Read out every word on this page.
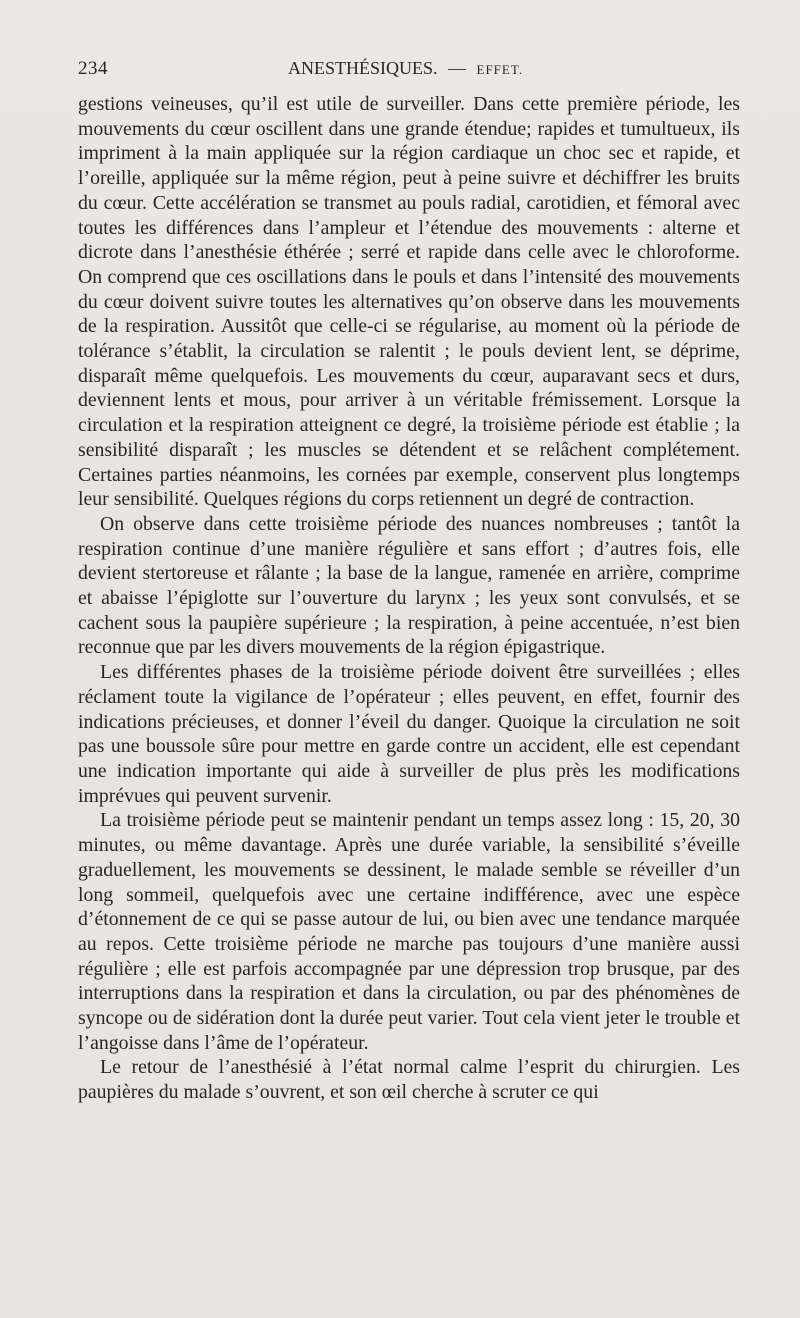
234	ANESTHÉSIQUES. — EFFET.

gestions veineuses, qu’il est utile de surveiller. Dans cette première période, les mouvements du cœur oscillent dans une grande étendue; rapides et tumultueux, ils impriment à la main appliquée sur la région cardiaque un choc sec et rapide, et l’oreille, appliquée sur la même région, peut à peine suivre et déchiffrer les bruits du cœur. Cette accélération se transmet au pouls radial, carotidien, et fémoral avec toutes les différences dans l’ampleur et l’étendue des mouvements : alterne et dicrote dans l’anesthésie éthérée ; serré et rapide dans celle avec le chloroforme. On comprend que ces oscillations dans le pouls et dans l’intensité des mouvements du cœur doivent suivre toutes les alternatives qu’on observe dans les mouvements de la respiration. Aussitôt que celle-ci se régularise, au moment où la période de tolérance s’établit, la circulation se ralentit ; le pouls devient lent, se déprime, disparaît même quelquefois. Les mouvements du cœur, auparavant secs et durs, deviennent lents et mous, pour arriver à un véritable frémissement. Lorsque la circulation et la respiration atteignent ce degré, la troisième période est établie ; la sensibilité disparaît ; les muscles se détendent et se relâchent complétement. Certaines parties néanmoins, les cornées par exemple, conservent plus longtemps leur sensibilité. Quelques régions du corps retiennent un degré de contraction.

On observe dans cette troisième période des nuances nombreuses ; tantôt la respiration continue d’une manière régulière et sans effort ; d’autres fois, elle devient stertoreuse et râlante ; la base de la langue, ramenée en arrière, comprime et abaisse l’épiglotte sur l’ouverture du larynx ; les yeux sont convulsés, et se cachent sous la paupière supérieure ; la respiration, à peine accentuée, n’est bien reconnue que par les divers mouvements de la région épigastrique.

Les différentes phases de la troisième période doivent être surveillées ; elles réclament toute la vigilance de l’opérateur ; elles peuvent, en effet, fournir des indications précieuses, et donner l’éveil du danger. Quoique la circulation ne soit pas une boussole sûre pour mettre en garde contre un accident, elle est cependant une indication importante qui aide à surveiller de plus près les modifications imprévues qui peuvent survenir.

La troisième période peut se maintenir pendant un temps assez long : 15, 20, 30 minutes, ou même davantage. Après une durée variable, la sensibilité s’éveille graduellement, les mouvements se dessinent, le malade semble se réveiller d’un long sommeil, quelquefois avec une certaine indifférence, avec une espèce d’étonnement de ce qui se passe autour de lui, ou bien avec une tendance marquée au repos. Cette troisième période ne marche pas toujours d’une manière aussi régulière ; elle est parfois accompagnée par une dépression trop brusque, par des interruptions dans la respiration et dans la circulation, ou par des phénomènes de syncope ou de sidération dont la durée peut varier. Tout cela vient jeter le trouble et l’angoisse dans l’âme de l’opérateur.

Le retour de l’anesthésié à l’état normal calme l’esprit du chirurgien. Les paupières du malade s’ouvrent, et son œil cherche à scruter ce qui
